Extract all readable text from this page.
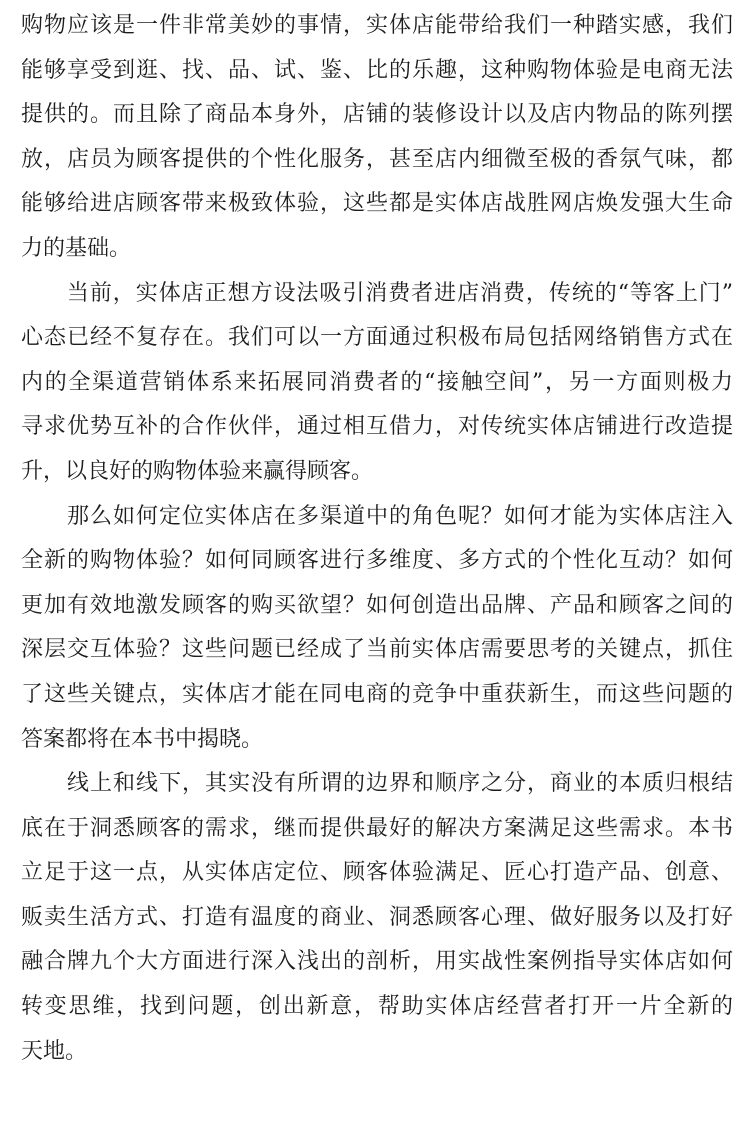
购物应该是一件非常美妙的事情，实体店能带给我们一种踏实感，我们
能够享受到逛、找、品、试、鉴、比的乐趣，这种购物体验是电商无法
提供的。而且除了商品本身外，店铺的装修设计以及店内物品的陈列摆
放，店员为顾客提供的个性化服务，甚至店内细微至极的香氛气味，都
能够给进店顾客带来极致体验，这些都是实体店战胜网店焕发强大生命
力的基础。
　　当前，实体店正想方设法吸引消费者进店消费，传统的“等客上门”
心态已经不复存在。我们可以一方面通过积极布局包括网络销售方式在
内的全渠道营销体系来拓展同消费者的“接触空间”，另一方面则极力
寻求优势互补的合作伙伴，通过相互借力，对传统实体店铺进行改造提
升，以良好的购物体验来赢得顾客。
　　那么如何定位实体店在多渠道中的角色呢？如何才能为实体店注入
全新的购物体验？如何同顾客进行多维度、多方式的个性化互动？如何
更加有效地激发顾客的购买欲望？如何创造出品牌、产品和顾客之间的
深层交互体验？这些问题已经成了当前实体店需要思考的关键点，抓住
了这些关键点，实体店才能在同电商的竞争中重获新生，而这些问题的
答案都将在本书中揭晓。
　　线上和线下，其实没有所谓的边界和顺序之分，商业的本质归根结
底在于洞悉顾客的需求，继而提供最好的解决方案满足这些需求。本书
立足于这一点，从实体店定位、顾客体验满足、匠心打造产品、创意、
贩卖生活方式、打造有温度的商业、洞悉顾客心理、做好服务以及打好
融合牌九个大方面进行深入浅出的剖析，用实战性案例指导实体店如何
转变思维，找到问题，创出新意，帮助实体店经营者打开一片全新的
天地。
